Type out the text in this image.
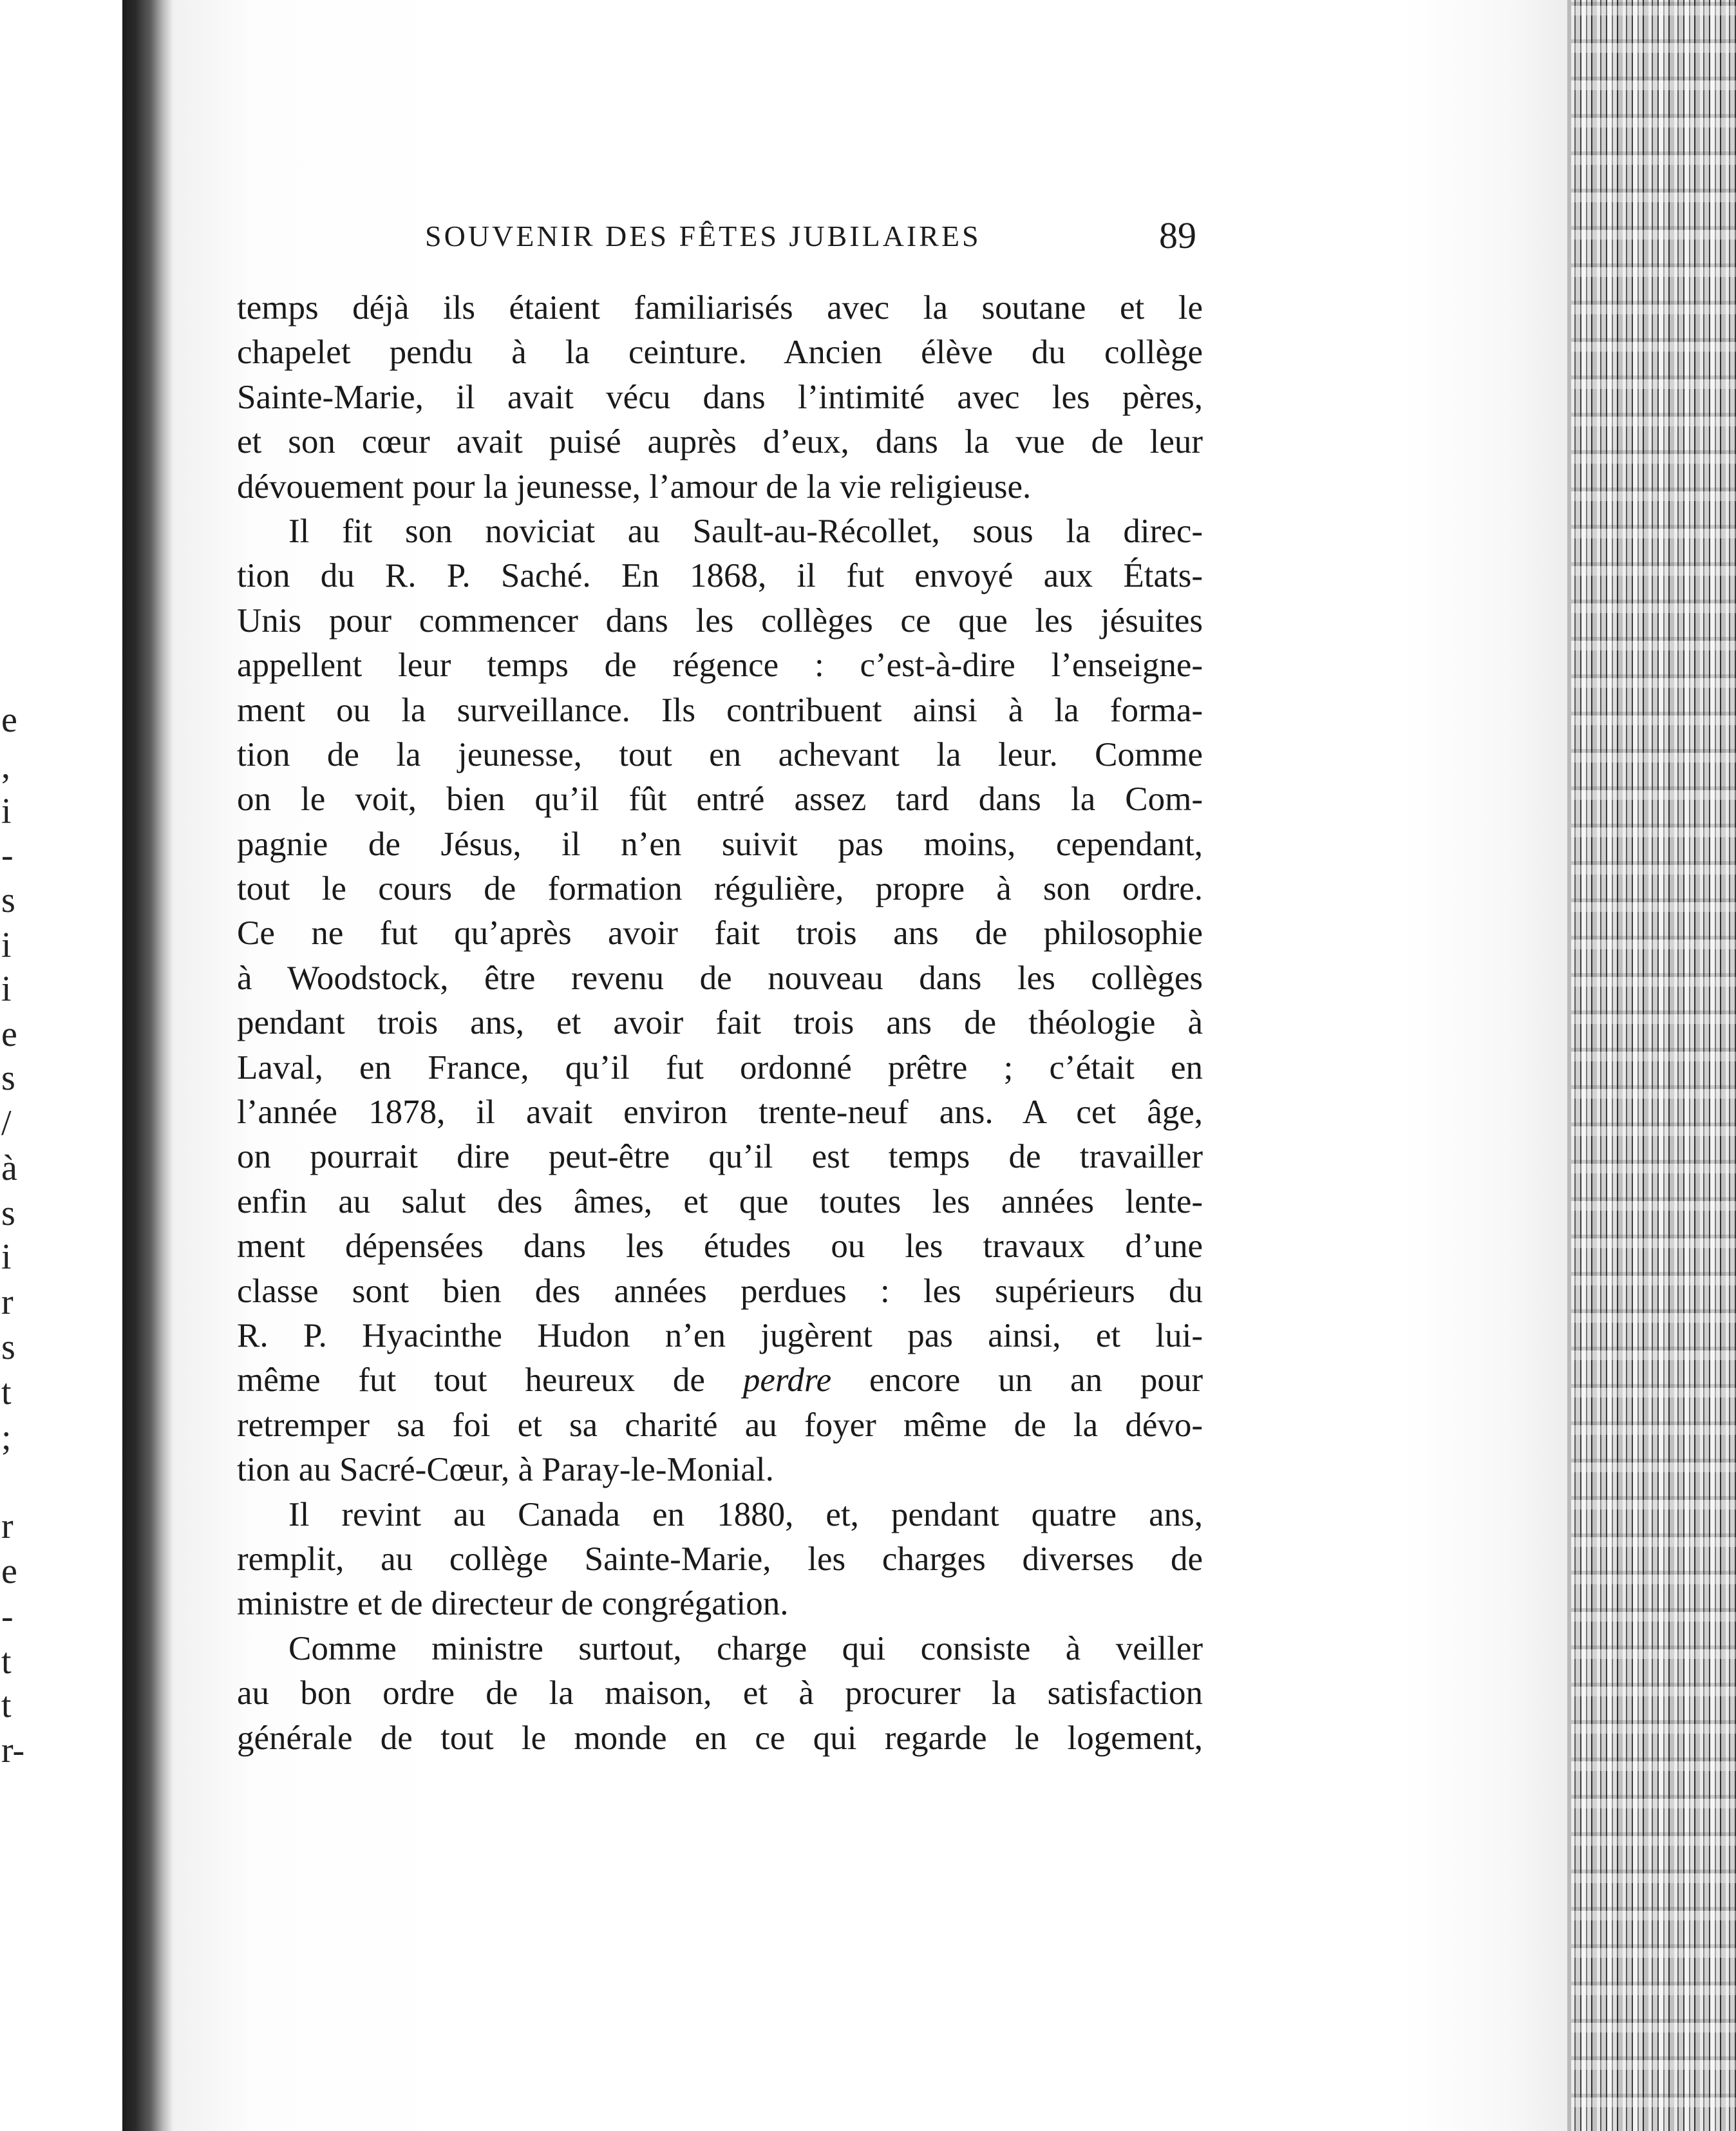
e
,
i
-
s
i
i
e
s
/
à
s
i
r
s
t
;
r
e
-
t
t
r-
SOUVENIR DES FÊTES JUBILAIRES	89
temps déjà ils étaient familiarisés avec la soutane et le
chapelet pendu à la ceinture. Ancien élève du collège
Sainte-Marie, il avait vécu dans l’intimité avec les pères,
et son cœur avait puisé auprès d’eux, dans la vue de leur
dévouement pour la jeunesse, l’amour de la vie religieuse.
Il fit son noviciat au Sault-au-Récollet, sous la direc-
tion du R. P. Saché. En 1868, il fut envoyé aux États-
Unis pour commencer dans les collèges ce que les jésuites
appellent leur temps de régence : c’est-à-dire l’enseigne-
ment ou la surveillance. Ils contribuent ainsi à la forma-
tion de la jeunesse, tout en achevant la leur. Comme
on le voit, bien qu’il fût entré assez tard dans la Com-
pagnie de Jésus, il n’en suivit pas moins, cependant,
tout le cours de formation régulière, propre à son ordre.
Ce ne fut qu’après avoir fait trois ans de philosophie
à Woodstock, être revenu de nouveau dans les collèges
pendant trois ans, et avoir fait trois ans de théologie à
Laval, en France, qu’il fut ordonné prêtre ; c’était en
l’année 1878, il avait environ trente-neuf ans. A cet âge,
on pourrait dire peut-être qu’il est temps de travailler
enfin au salut des âmes, et que toutes les années lente-
ment dépensées dans les études ou les travaux d’une
classe sont bien des années perdues : les supérieurs du
R. P. Hyacinthe Hudon n’en jugèrent pas ainsi, et lui-
même fut tout heureux de perdre encore un an pour
retremper sa foi et sa charité au foyer même de la dévo-
tion au Sacré-Cœur, à Paray-le-Monial.
Il revint au Canada en 1880, et, pendant quatre ans,
remplit, au collège Sainte-Marie, les charges diverses de
ministre et de directeur de congrégation.
Comme ministre surtout, charge qui consiste à veiller
au bon ordre de la maison, et à procurer la satisfaction
générale de tout le monde en ce qui regarde le logement,
